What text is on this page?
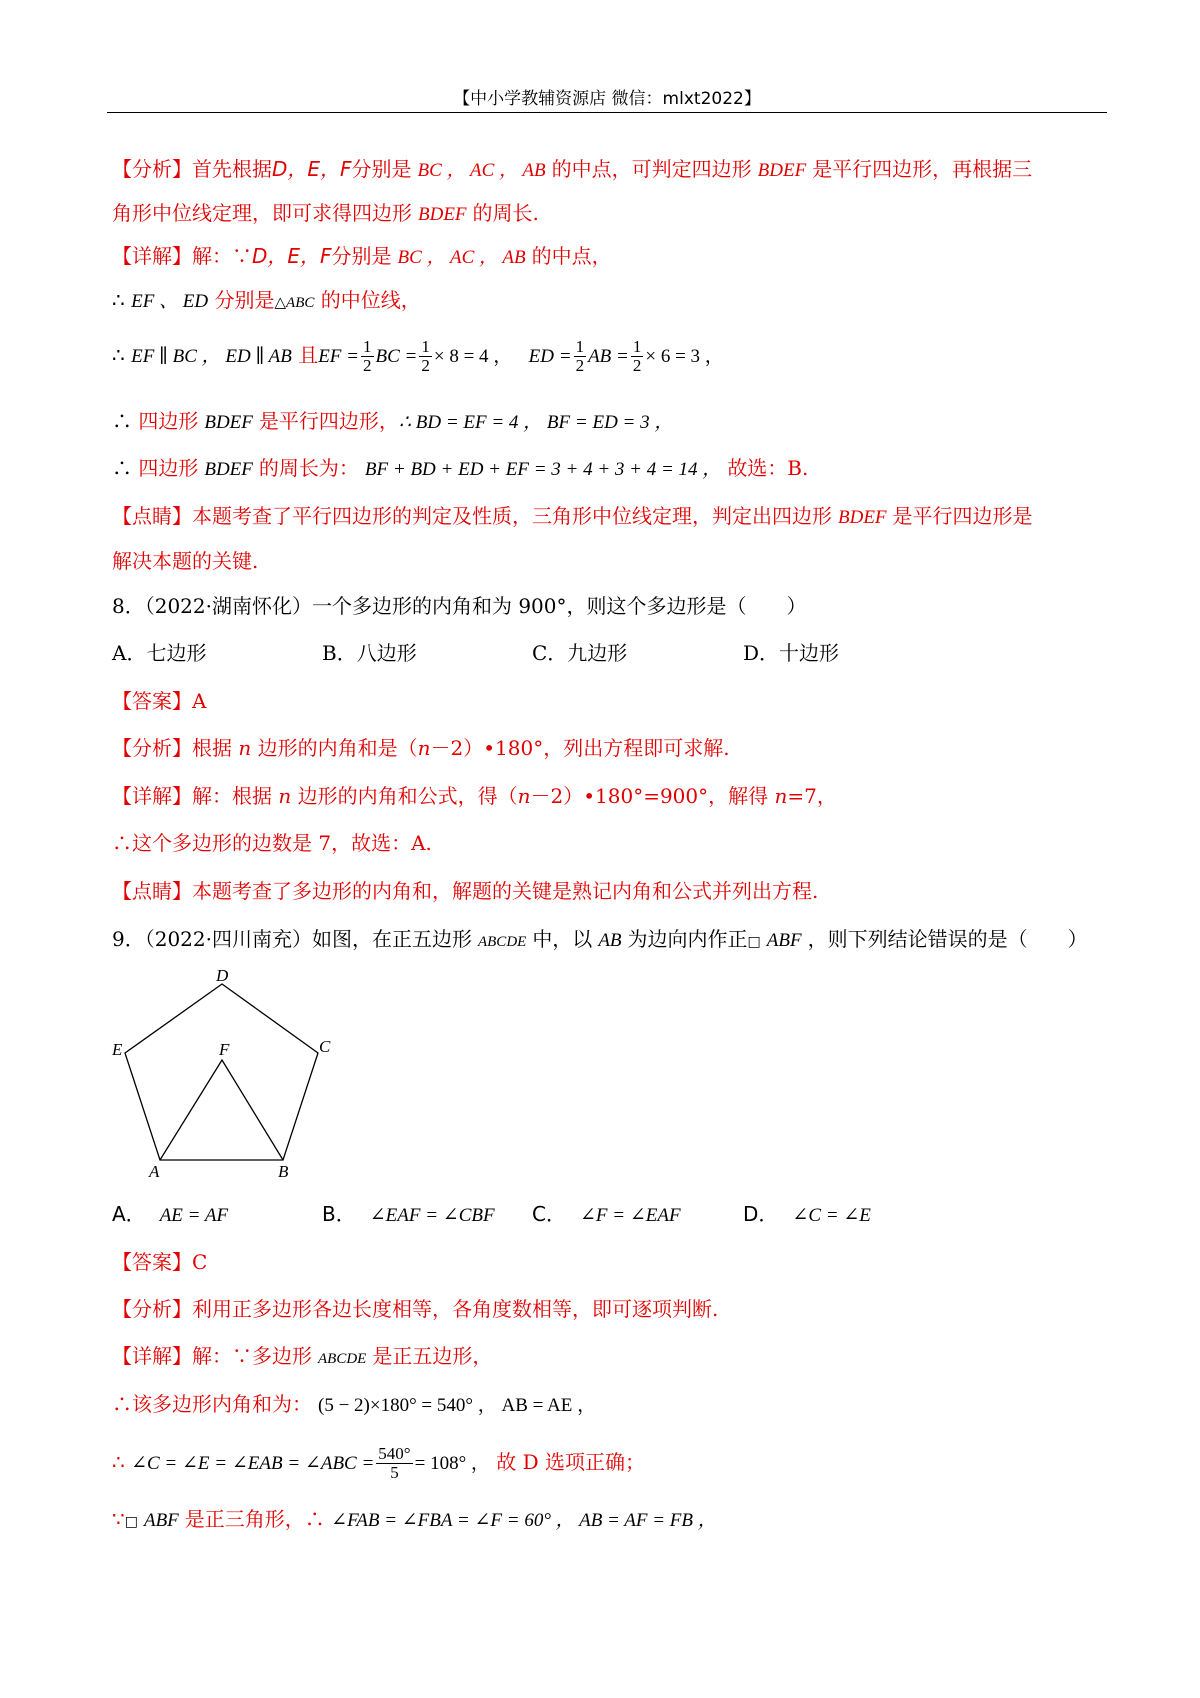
【中小学教辅资源店 微信：mlxt2022】
【分析】首先根据D，E，F分别是 BC ， AC ， AB 的中点，可判定四边形 BDEF 是平行四边形，再根据三
角形中位线定理，即可求得四边形 BDEF 的周长.
【详解】解：∵D，E，F分别是 BC ， AC ， AB 的中点，
∴ EF 、 ED 分别是△ABC 的中位线，
∴ EF ∥ BC ， ED ∥ AB 且EF = $\frac{1}{2}$ BC = $\frac{1}{2} \times 8 = 4$ ， ED = $\frac{1}{2}$ AB = $\frac{1}{2} \times 6 = 3$ ，
∴ 四边形 BDEF 是平行四边形，∴ BD = EF = 4 ， BF = ED = 3 ，
∴ 四边形 BDEF 的周长为： BF + BD + ED + EF = 3 + 4 + 3 + 4 = 14 ， 故选：B.
【点睛】本题考查了平行四边形的判定及性质，三角形中位线定理，判定出四边形 BDEF 是平行四边形是
解决本题的关键.
8．（2022·湖南怀化）一个多边形的内角和为 900°，则这个多边形是（　　）
A．七边形	B．八边形	C．九边形	D．十边形
【答案】A
【分析】根据 n 边形的内角和是（n－2）•180°，列出方程即可求解.
【详解】解：根据 n 边形的内角和公式，得（n－2）•180°=900°，解得 n=7，
∴这个多边形的边数是 7，故选：A.
【点睛】本题考查了多边形的内角和，解题的关键是熟记内角和公式并列出方程.
9．（2022·四川南充）如图，在正五边形 ABCDE 中，以 AB 为边向内作正□ ABF ，则下列结论错误的是（　　）
A	B
C
D
E	F
A． AE = AF	B． ∠EAF = ∠CBF C． ∠F = ∠EAF	D． ∠C = ∠E
【答案】C
【分析】利用正多边形各边长度相等，各角度数相等，即可逐项判断.
【详解】解：∵多边形 ABCDE 是正五边形，
∴该多边形内角和为： (5 − 2)×180° = 540° ， AB = AE ，
∴ ∠C = ∠E = ∠EAB = ∠ABC = $\frac{540^\circ}{5} = 108^\circ$ ， 故 D 选项正确；
∵□ ABF 是正三角形，∴ ∠FAB = ∠FBA = ∠F = 60° ， AB = AF = FB ，
